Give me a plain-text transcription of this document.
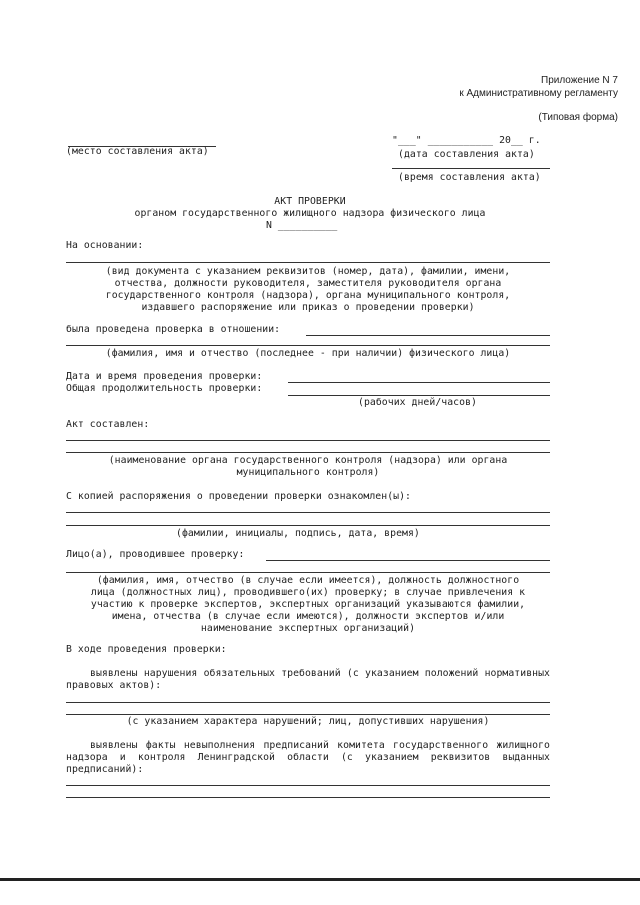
Приложение N 7
к Административному регламенту
(Типовая форма)
(место составления акта)
"___" ___________ 20__ г.
(дата составления акта)
(время составления акта)
АКТ ПРОВЕРКИ
органом государственного жилищного надзора физического лица
N __________
На основании:
(вид документа с указанием реквизитов (номер, дата), фамилии, имени,
отчества, должности руководителя, заместителя руководителя органа
государственного контроля (надзора), органа муниципального контроля,
издавшего распоряжение или приказ о проведении проверки)
была проведена проверка в отношении:
(фамилия, имя и отчество (последнее - при наличии) физического лица)
Дата и время проведения проверки:
Общая продолжительность проверки:
(рабочих дней/часов)
Акт составлен:
(наименование органа государственного контроля (надзора) или органа
муниципального контроля)
С копией распоряжения о проведении проверки ознакомлен(ы):
(фамилии, инициалы, подпись, дата, время)
Лицо(а), проводившее проверку:
(фамилия, имя, отчество (в случае если имеется), должность должностного
лица (должностных лиц), проводившего(их) проверку; в случае привлечения к
участию к проверке экспертов, экспертных организаций указываются фамилии,
имена, отчества (в случае если имеются), должности экспертов и/или
наименование экспертных организаций)
В ходе проведения проверки:
выявлены нарушения обязательных требований (с указанием положений нормативных правовых актов):
(с указанием характера нарушений; лиц, допустивших нарушения)
выявлены факты невыполнения предписаний комитета государственного жилищного надзора и контроля Ленинградской области (с указанием реквизитов выданных предписаний):
